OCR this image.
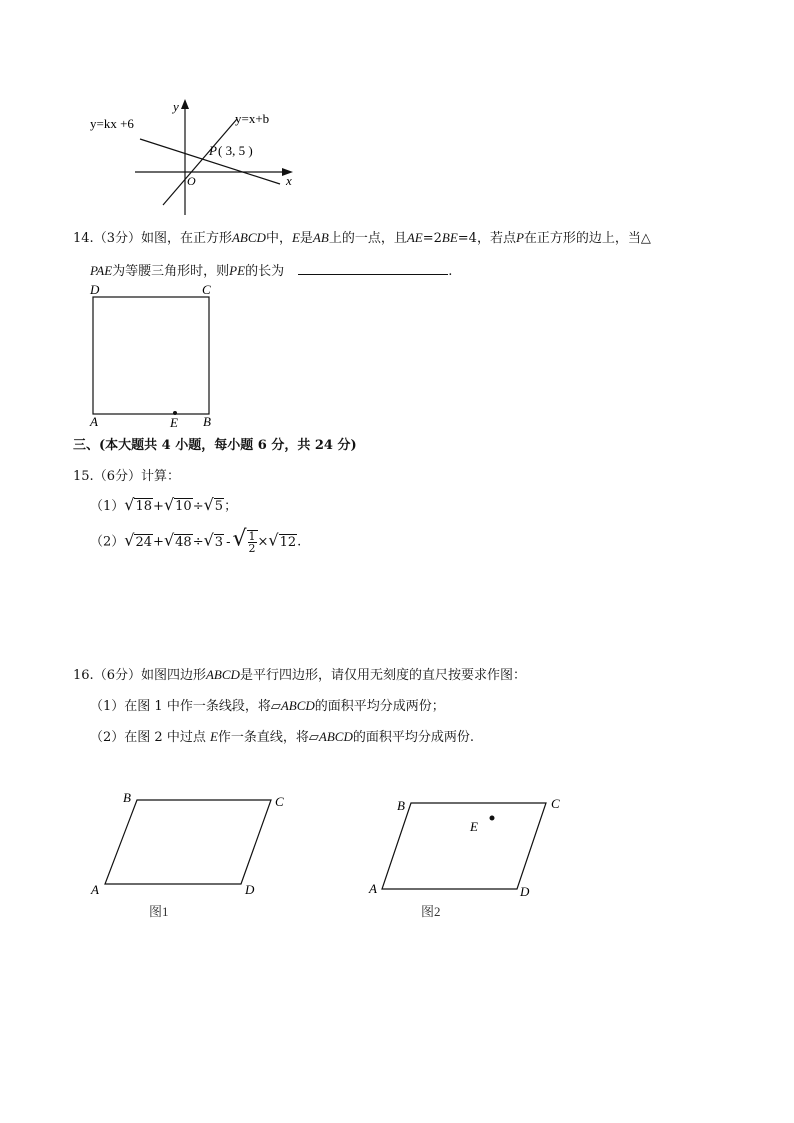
y=kx +6	y=x+b
y
x
O
P ( 3, 5 )
14.（3分）如图，在正方形ABCD中，E是AB上的一点，且AE=2BE=4，若点P在正方形的边上，当△
PAE为等腰三角形时，则PE的长为	.
D	C
A	E B
三、(本大题共 4 小题，每小题 6 分，共 24 分)
15.（6分）计算：
（1）√18+√10÷√5；
（2）√24+√48÷√3 -√ $\frac{1}{2} \times√12$.
16.（6分）如图四边形ABCD是平行四边形，请仅用无刻度的直尺按要求作图：
（1）在图 1 中作一条线段，将▱ABCD的面积平均分成两份；
（2）在图 2 中过点 E作一条直线，将▱ABCD的面积平均分成两份.
B	C
A	D
图1
B	C
E
A	D
图2
